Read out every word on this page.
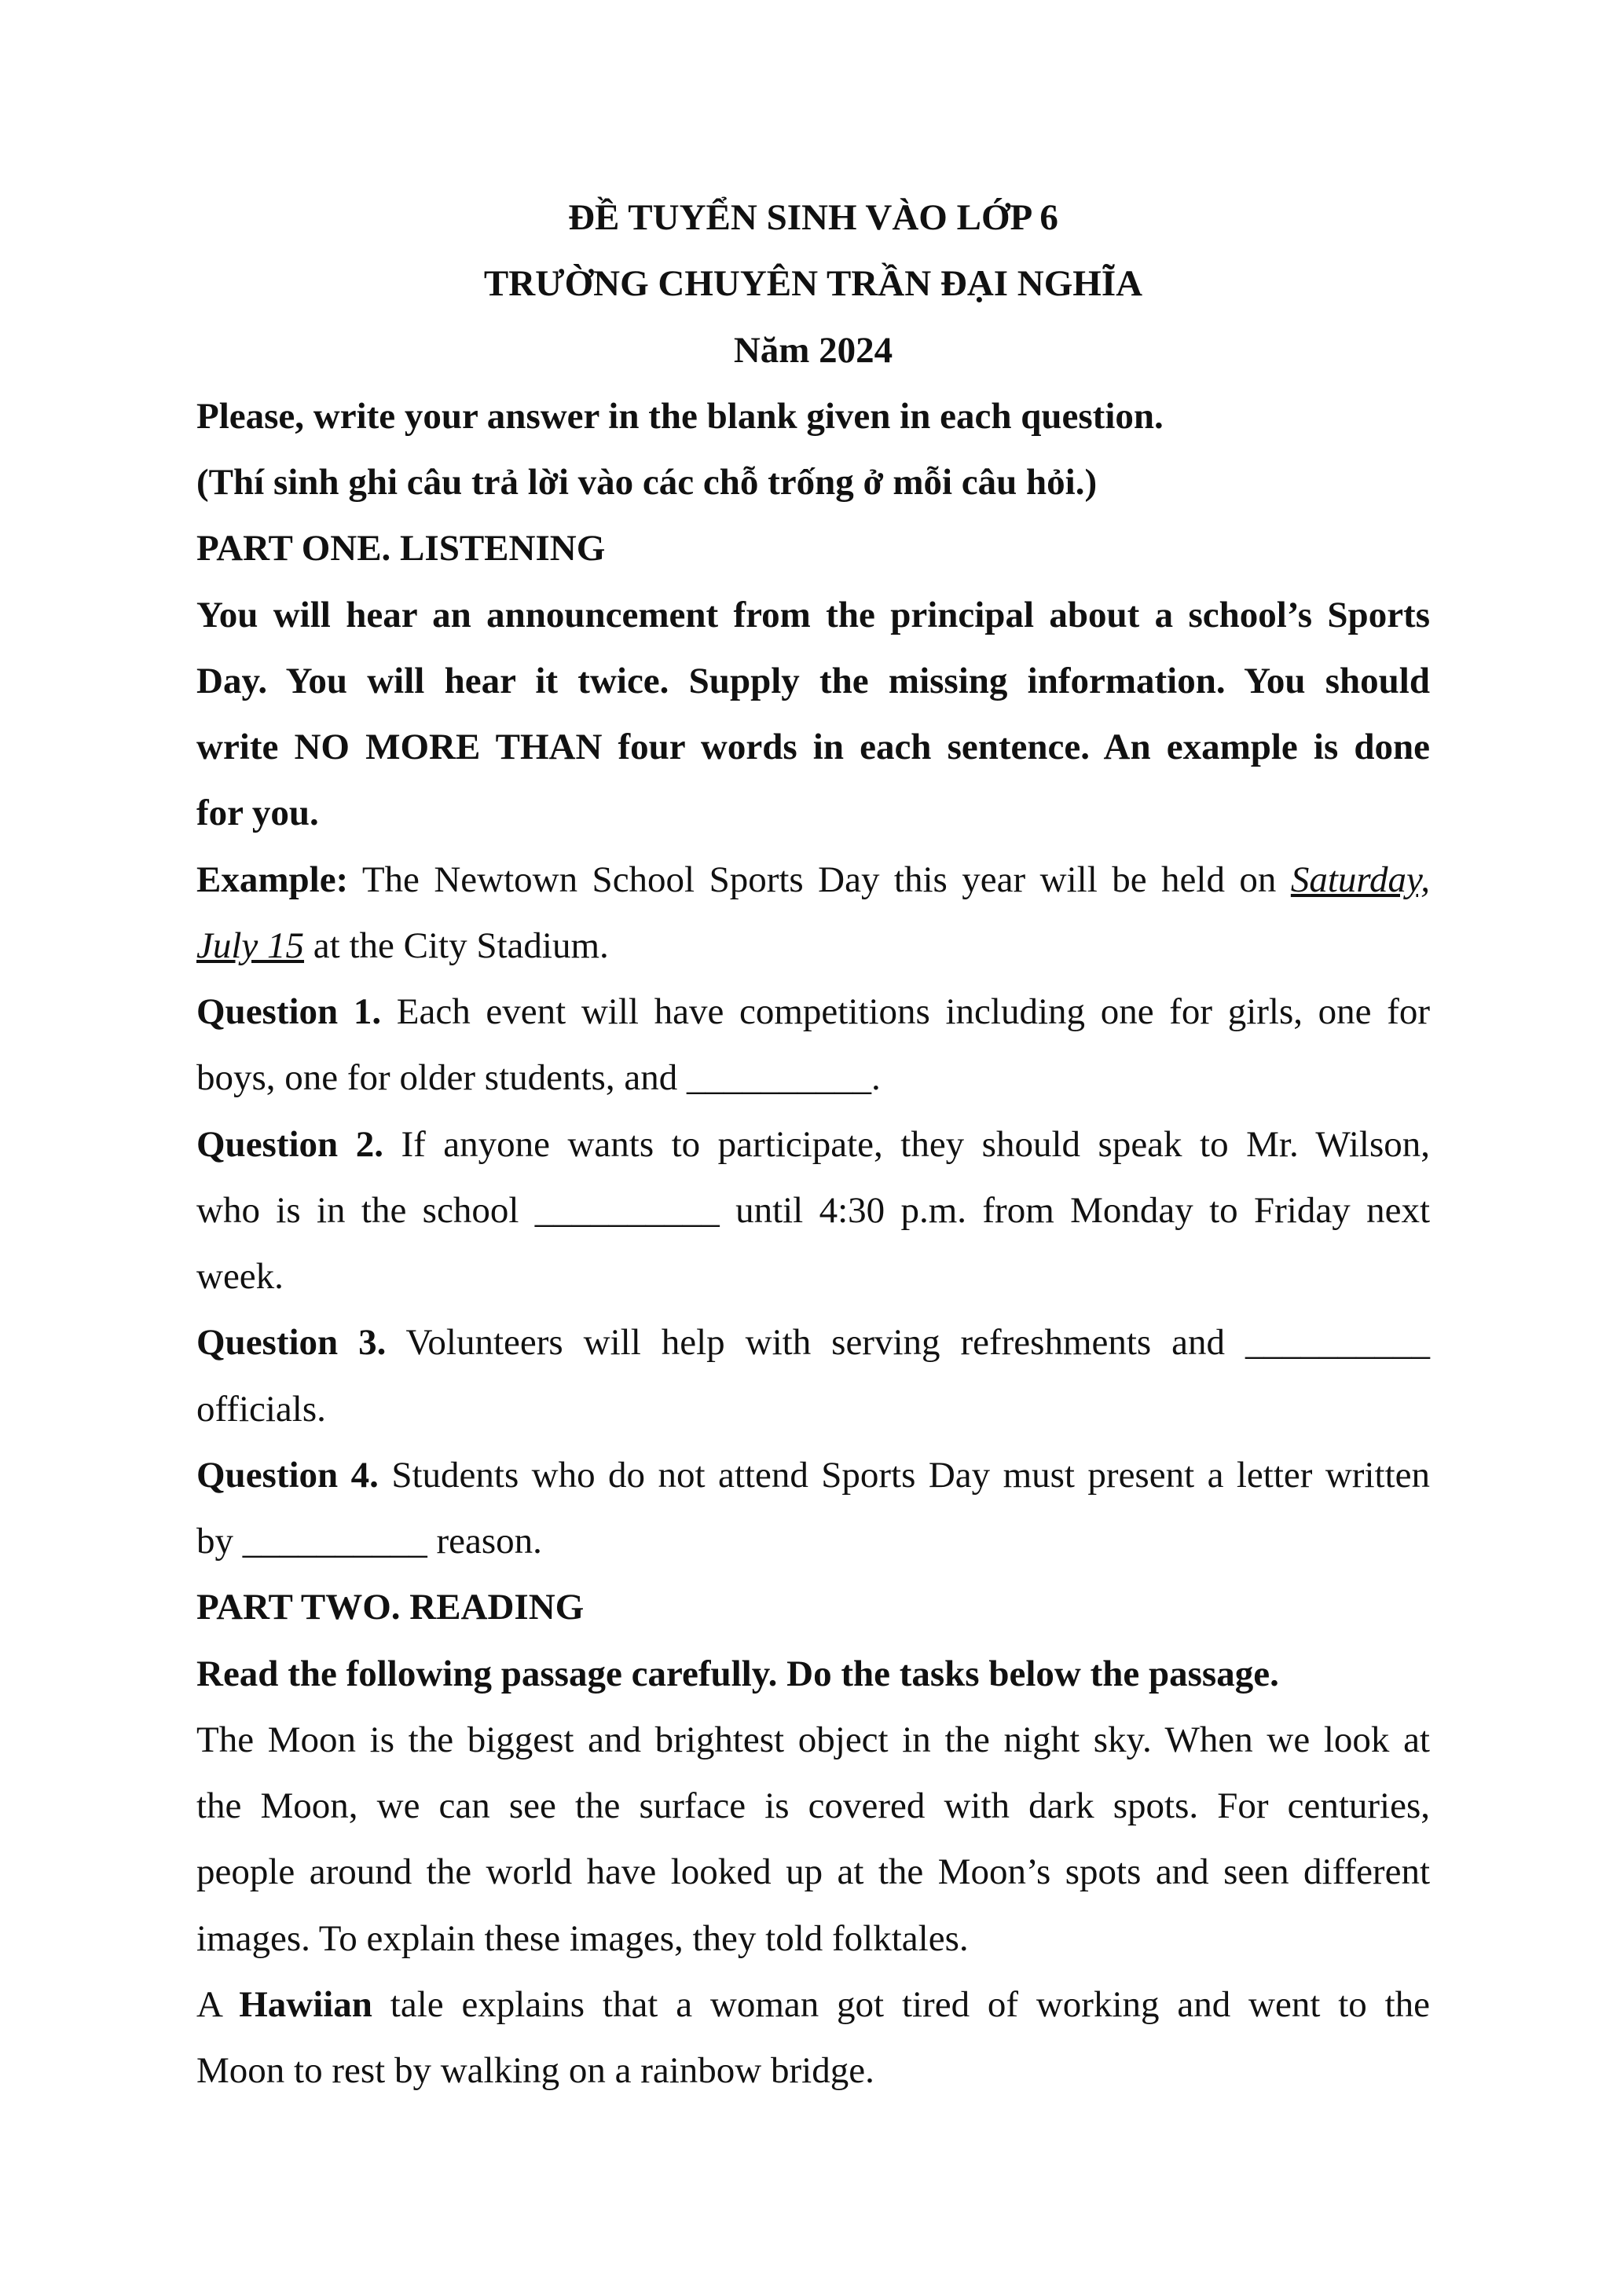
ĐỀ TUYỂN SINH VÀO LỚP 6
TRƯỜNG CHUYÊN TRẦN ĐẠI NGHĨA
Năm 2024
Please, write your answer in the blank given in each question.
(Thí sinh ghi câu trả lời vào các chỗ trống ở mỗi câu hỏi.)
PART ONE. LISTENING
You will hear an announcement from the principal about a school’s Sports
Day. You will hear it twice. Supply the missing information. You should
write NO MORE THAN four words in each sentence. An example is done
for you.
Example: The Newtown School Sports Day this year will be held on Saturday,
July 15 at the City Stadium.
Question 1. Each event will have competitions including one for girls, one for
boys, one for older students, and __________.
Question 2. If anyone wants to participate, they should speak to Mr. Wilson,
who is in the school __________ until 4:30 p.m. from Monday to Friday next
week.
Question 3. Volunteers will help with serving refreshments and __________
officials.
Question 4. Students who do not attend Sports Day must present a letter written
by __________ reason.
PART TWO. READING
Read the following passage carefully. Do the tasks below the passage.
The Moon is the biggest and brightest object in the night sky. When we look at
the Moon, we can see the surface is covered with dark spots. For centuries,
people around the world have looked up at the Moon’s spots and seen different
images. To explain these images, they told folktales.
A Hawiian tale explains that a woman got tired of working and went to the
Moon to rest by walking on a rainbow bridge.
